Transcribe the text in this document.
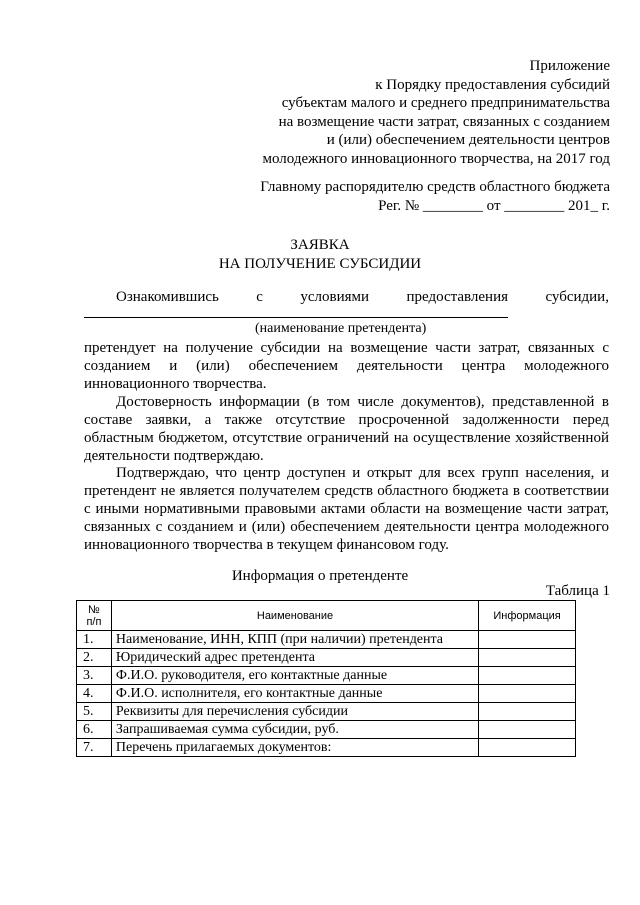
Приложение
к Порядку предоставления субсидий
субъектам малого и среднего предпринимательства
на возмещение части затрат, связанных с созданием
и (или) обеспечением деятельности центров
молодежного инновационного творчества, на 2017 год
Главному распорядителю средств областного бюджета
Рег. № ________ от ________ 201_ г.
ЗАЯВКА
НА ПОЛУЧЕНИЕ СУБСИДИИ
Ознакомившись с условиями предоставления субсидии,
(наименование претендента)
претендует на получение субсидии на возмещение части затрат, связанных с созданием и (или) обеспечением деятельности центра молодежного инновационного творчества.
Достоверность информации (в том числе документов), представленной в составе заявки, а также отсутствие просроченной задолженности перед областным бюджетом, отсутствие ограничений на осуществление хозяйственной деятельности подтверждаю.
Подтверждаю, что центр доступен и открыт для всех групп населения, и претендент не является получателем средств областного бюджета в соответствии с иными нормативными правовыми актами области на возмещение части затрат, связанных с созданием и (или) обеспечением деятельности центра молодежного инновационного творчества в текущем финансовом году.
Информация о претенденте
Таблица 1
№
п/п	Наименование	Информация
1.	Наименование, ИНН, КПП (при наличии) претендента	
2.	Юридический адрес претендента	
3.	Ф.И.О. руководителя, его контактные данные	
4.	Ф.И.О. исполнителя, его контактные данные	
5.	Реквизиты для перечисления субсидии	
6.	Запрашиваемая сумма субсидии, руб.	
7.	Перечень прилагаемых документов:	
